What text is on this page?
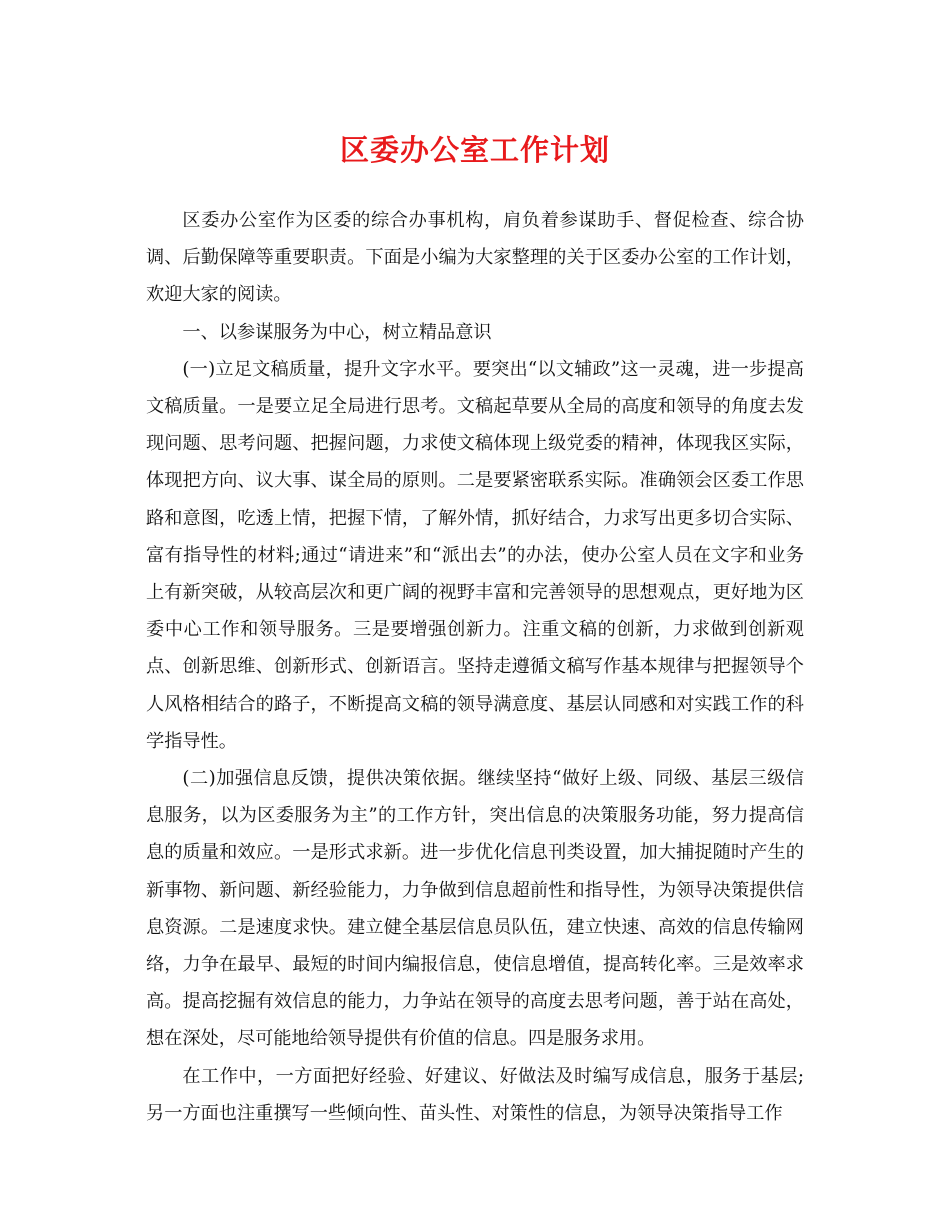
区委办公室工作计划

区委办公室作为区委的综合办事机构，肩负着参谋助手、督促检查、综合协调、后勤保障等重要职责。下面是小编为大家整理的关于区委办公室的工作计划，欢迎大家的阅读。

一、以参谋服务为中心，树立精品意识

(一)立足文稿质量，提升文字水平。要突出“以文辅政”这一灵魂，进一步提高文稿质量。一是要立足全局进行思考。文稿起草要从全局的高度和领导的角度去发现问题、思考问题、把握问题，力求使文稿体现上级党委的精神，体现我区实际，体现把方向、议大事、谋全局的原则。二是要紧密联系实际。准确领会区委工作思路和意图，吃透上情，把握下情，了解外情，抓好结合，力求写出更多切合实际、富有指导性的材料;通过“请进来”和“派出去”的办法，使办公室人员在文字和业务上有新突破，从较高层次和更广阔的视野丰富和完善领导的思想观点，更好地为区委中心工作和领导服务。三是要增强创新力。注重文稿的创新，力求做到创新观点、创新思维、创新形式、创新语言。坚持走遵循文稿写作基本规律与把握领导个人风格相结合的路子，不断提高文稿的领导满意度、基层认同感和对实践工作的科学指导性。

(二)加强信息反馈，提供决策依据。继续坚持“做好上级、同级、基层三级信息服务，以为区委服务为主”的工作方针，突出信息的决策服务功能，努力提高信息的质量和效应。一是形式求新。进一步优化信息刊类设置，加大捕捉随时产生的新事物、新问题、新经验能力，力争做到信息超前性和指导性，为领导决策提供信息资源。二是速度求快。建立健全基层信息员队伍，建立快速、高效的信息传输网络，力争在最早、最短的时间内编报信息，使信息增值，提高转化率。三是效率求高。提高挖掘有效信息的能力，力争站在领导的高度去思考问题，善于站在高处，想在深处，尽可能地给领导提供有价值的信息。四是服务求用。

在工作中，一方面把好经验、好建议、好做法及时编写成信息，服务于基层;另一方面也注重撰写一些倾向性、苗头性、对策性的信息，为领导决策指导工作
